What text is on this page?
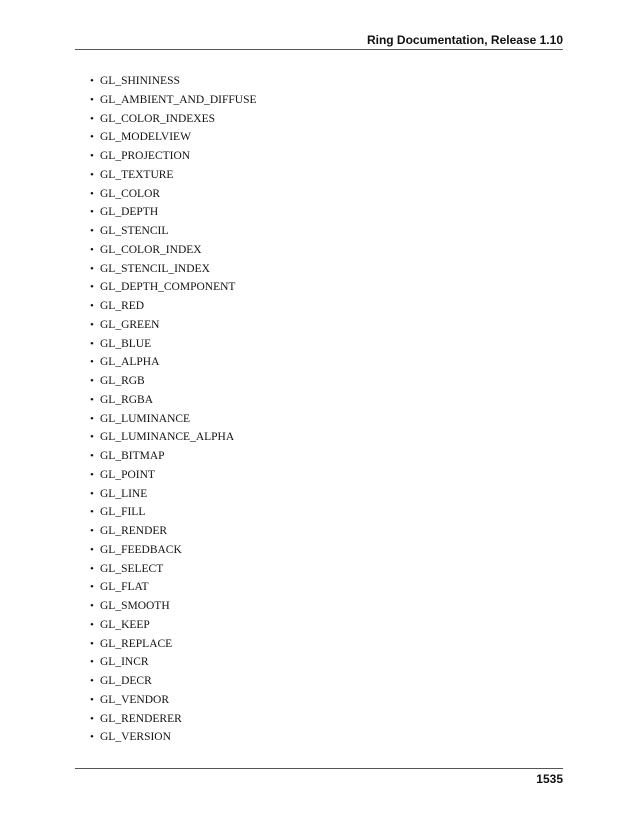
Ring Documentation, Release 1.10
• GL_SHININESS
• GL_AMBIENT_AND_DIFFUSE
• GL_COLOR_INDEXES
• GL_MODELVIEW
• GL_PROJECTION
• GL_TEXTURE
• GL_COLOR
• GL_DEPTH
• GL_STENCIL
• GL_COLOR_INDEX
• GL_STENCIL_INDEX
• GL_DEPTH_COMPONENT
• GL_RED
• GL_GREEN
• GL_BLUE
• GL_ALPHA
• GL_RGB
• GL_RGBA
• GL_LUMINANCE
• GL_LUMINANCE_ALPHA
• GL_BITMAP
• GL_POINT
• GL_LINE
• GL_FILL
• GL_RENDER
• GL_FEEDBACK
• GL_SELECT
• GL_FLAT
• GL_SMOOTH
• GL_KEEP
• GL_REPLACE
• GL_INCR
• GL_DECR
• GL_VENDOR
• GL_RENDERER
• GL_VERSION
1535
